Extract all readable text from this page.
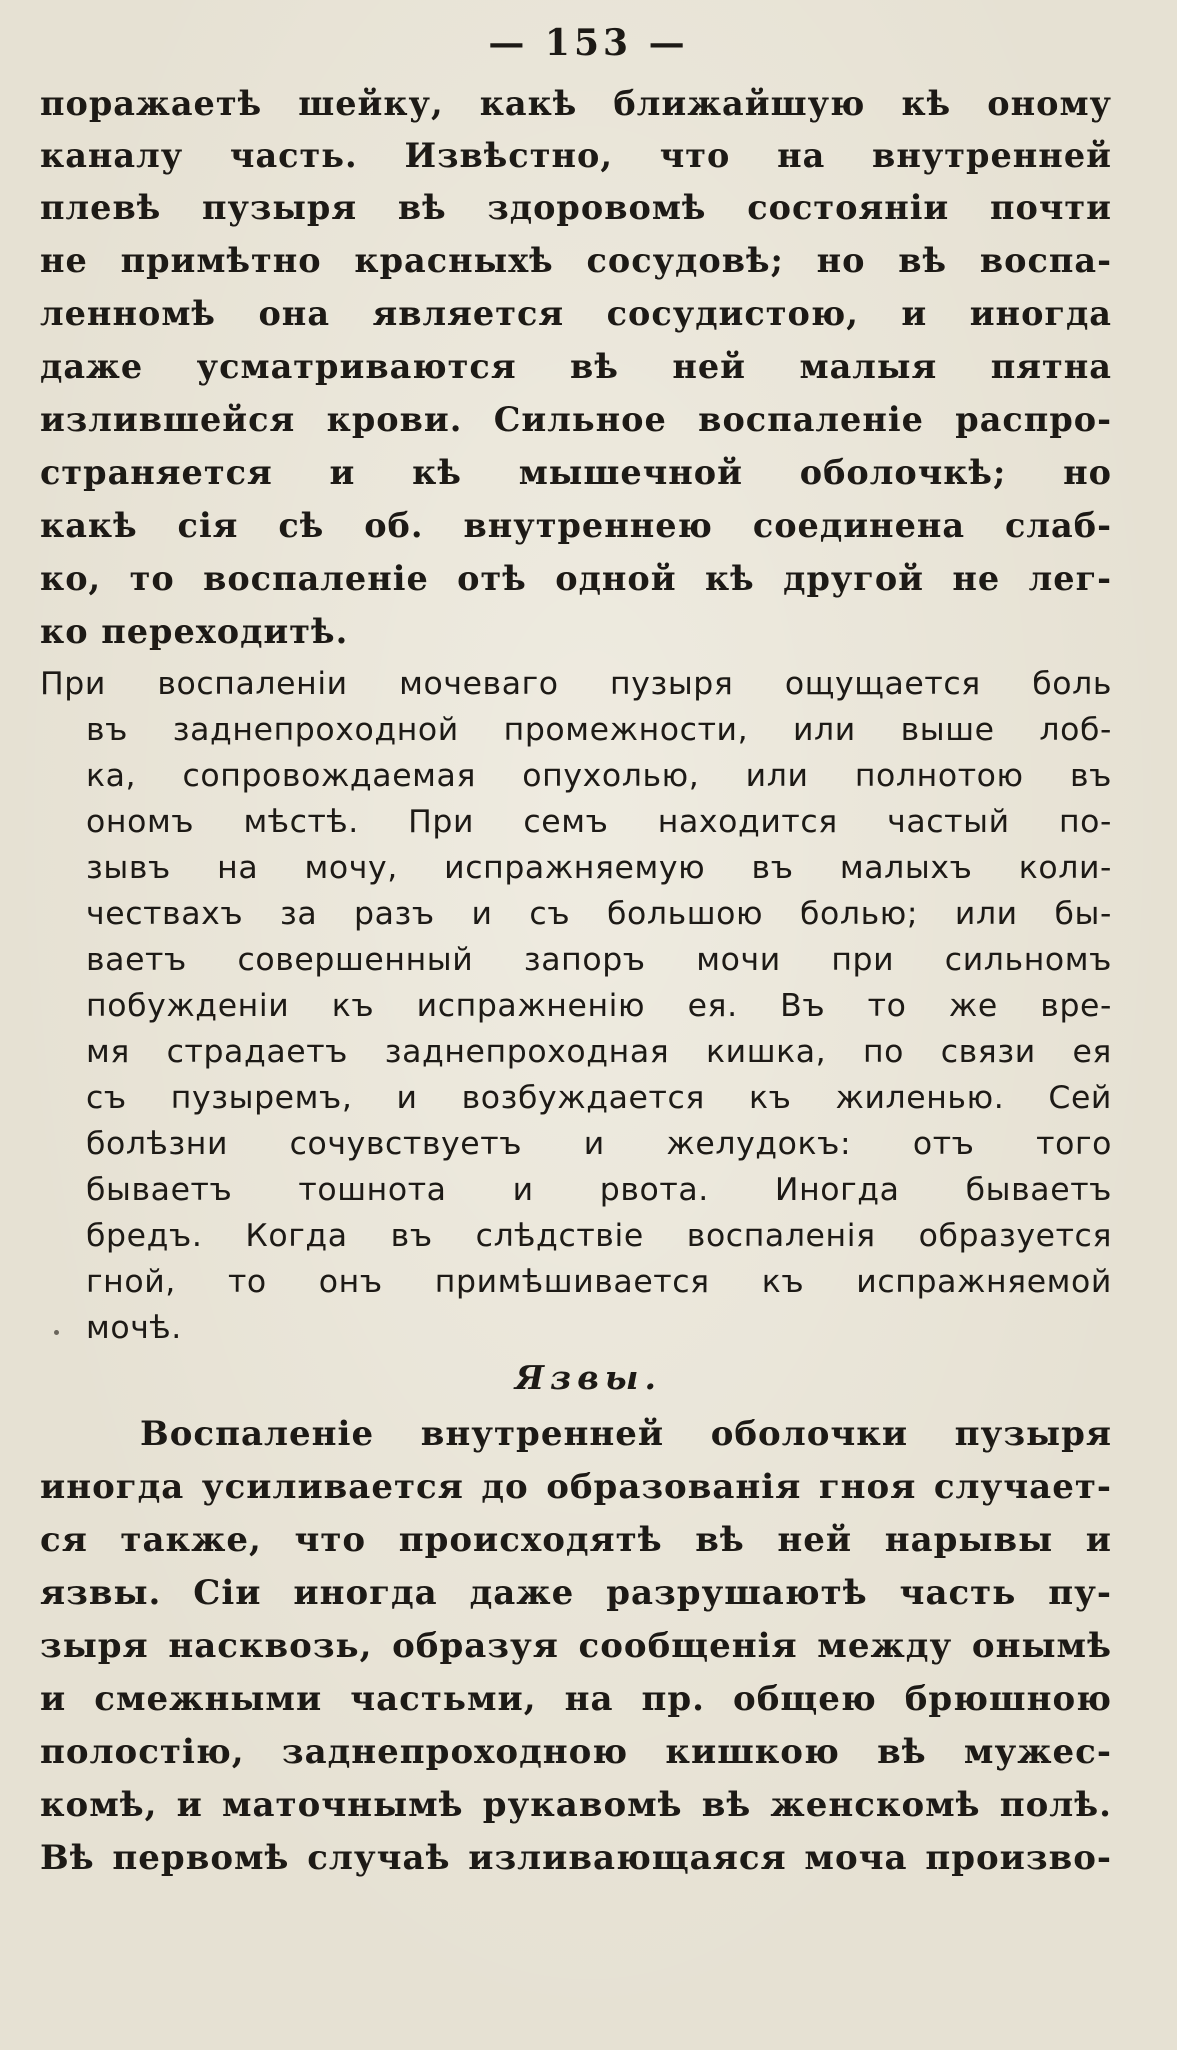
— 153 —
поражаетѣ шейку, какѣ ближайшую кѣ оному
каналу часть. Извѣстно, что на внутренней
плевѣ пузыря вѣ здоровомѣ состояніи почти
не примѣтно красныхѣ сосудовѣ; но вѣ воспа-
ленномѣ она является сосудистою, и иногда
даже усматриваются вѣ ней малыя пятна
излившейся крови. Сильное воспаленіе распро-
страняется и кѣ мышечной оболочкѣ; но
какѣ сія сѣ об. внутреннею соединена слаб-
ко, то воспаленіе отѣ одной кѣ другой не лег-
ко переходитѣ.
При воспаленіи мочеваго пузыря ощущается боль
въ заднепроходной промежности, или выше лоб-
ка, сопровождаемая опухолью, или полнотою въ
ономъ мѣстѣ. При семъ находится частый по-
зывъ на мочу, испражняемую въ малыхъ коли-
чествахъ за разъ и съ большою болью; или бы-
ваетъ совершенный запоръ мочи при сильномъ
побужденіи къ испражненію ея. Въ то же вре-
мя страдаетъ заднепроходная кишка, по связи ея
съ пузыремъ, и возбуждается къ жиленью. Сей
болѣзни сочувствуетъ и желудокъ: отъ того
бываетъ тошнота и рвота. Иногда бываетъ
бредъ. Когда въ слѣдствіе воспаленія образуется
гной, то онъ примѣшивается къ испражняемой
мочѣ.
Язвы.
Воспаленіе внутренней оболочки пузыря
иногда усиливается до образованія гноя случает-
ся также, что происходятѣ вѣ ней нарывы и
язвы. Сіи иногда даже разрушаютѣ часть пу-
зыря насквозь, образуя сообщенія между онымѣ
и смежными частьми, на пр. общею брюшною
полостію, заднепроходною кишкою вѣ мужес-
комѣ, и маточнымѣ рукавомѣ вѣ женскомѣ полѣ.
Вѣ первомѣ случаѣ изливающаяся моча произво-
